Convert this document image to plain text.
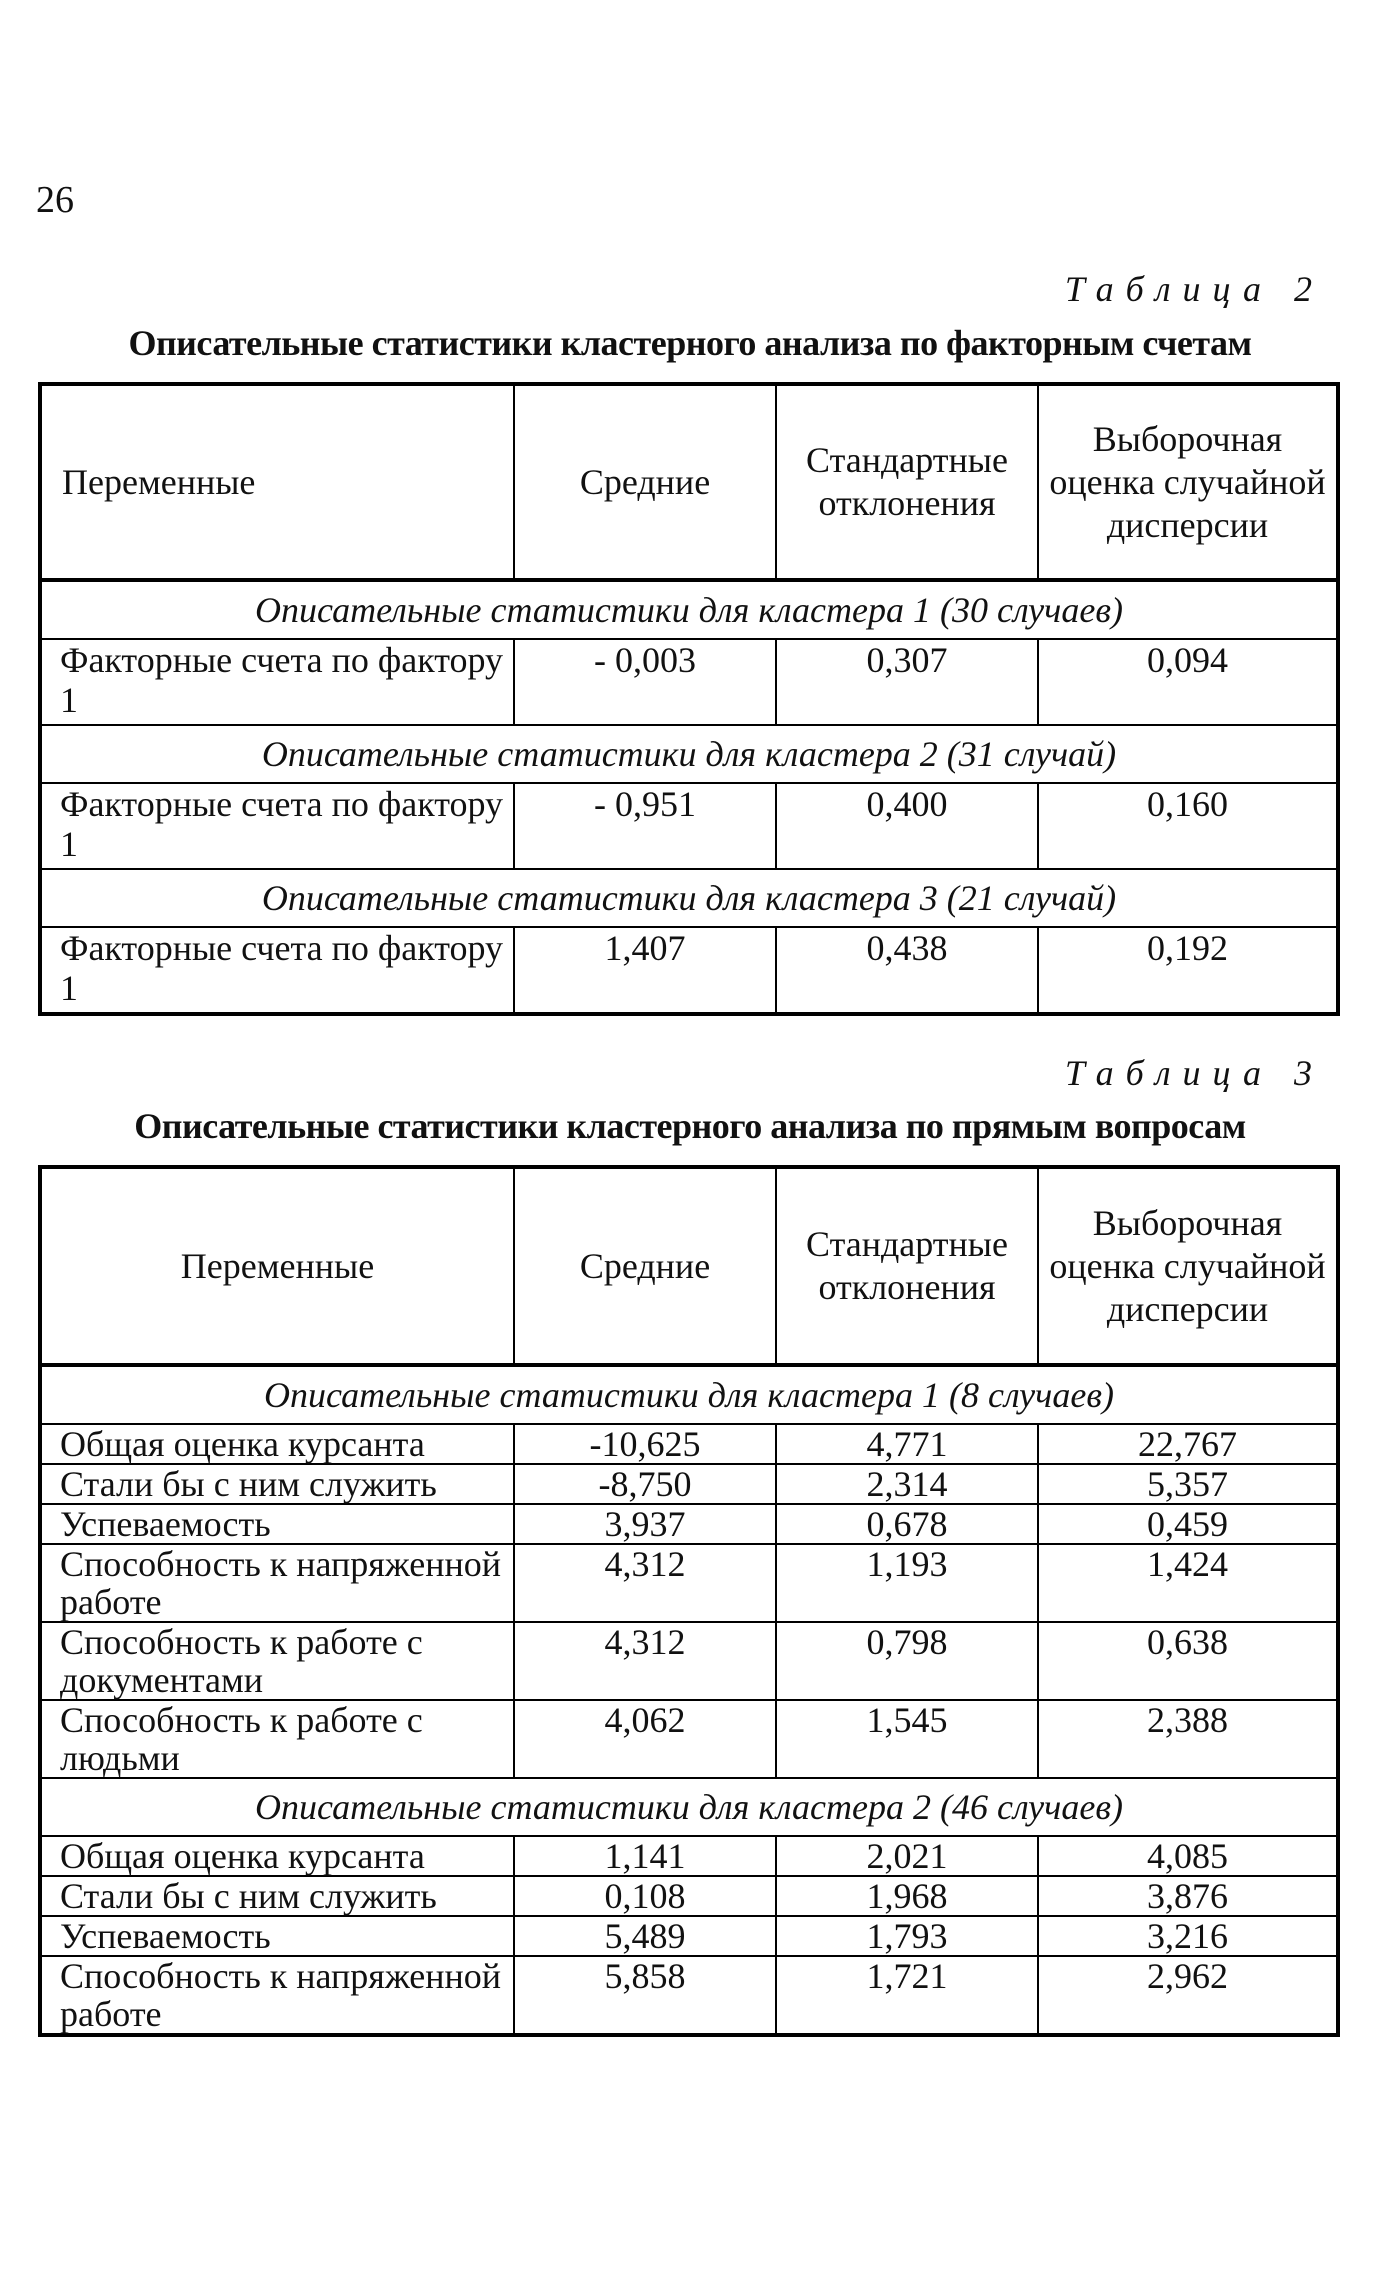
26
Таблица 2
Описательные статистики кластерного анализа по факторным счетам
Переменные	Средние	Стандартные отклонения	Выборочная оценка случайной дисперсии
Описательные статистики для кластера 1 (30 случаев)			
Факторные счета по фактору 1	- 0,003	0,307	0,094
Описательные статистики для кластера 2 (31 случай)			
Факторные счета по фактору 1	- 0,951	0,400	0,160
Описательные статистики для кластера 3 (21 случай)			
Факторные счета по фактору 1	1,407	0,438	0,192
Таблица 3
Описательные статистики кластерного анализа по прямым вопросам
Переменные	Средние	Стандартные отклонения	Выборочная оценка случайной дисперсии
Описательные статистики для кластера 1 (8 случаев)			
Общая оценка курсанта	-10,625	4,771	22,767
Стали бы с ним служить	-8,750	2,314	5,357
Успеваемость	3,937	0,678	0,459
Способность к напряженной работе	4,312	1,193	1,424
Способность к работе с документами	4,312	0,798	0,638
Способность к работе с людьми	4,062	1,545	2,388
Описательные статистики для кластера 2 (46 случаев)			
Общая оценка курсанта	1,141	2,021	4,085
Стали бы с ним служить	0,108	1,968	3,876
Успеваемость	5,489	1,793	3,216
Способность к напряженной работе	5,858	1,721	2,962
